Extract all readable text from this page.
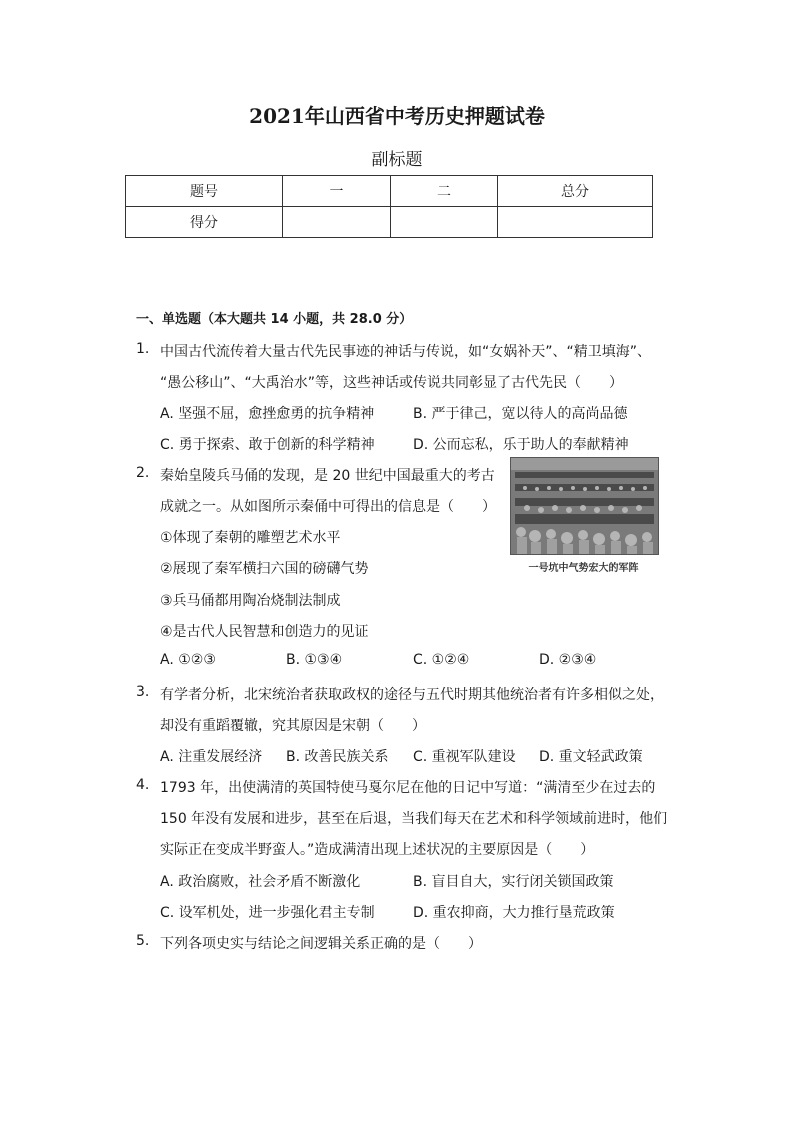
2021年山西省中考历史押题试卷
副标题
题号	一	二	总分
得分			
一、单选题（本大题共 14 小题，共 28.0 分）
1. 中国古代流传着大量古代先民事迹的神话与传说，如“女娲补天”、“精卫填海”、
“愚公移山”、“大禹治水”等，这些神话或传说共同彰显了古代先民（　　）
A. 坚强不屈，愈挫愈勇的抗争精神	B. 严于律己，宽以待人的高尚品德
C. 勇于探索、敢于创新的科学精神	D. 公而忘私，乐于助人的奉献精神
2. 秦始皇陵兵马俑的发现，是 20 世纪中国最重大的考古
成就之一。从如图所示秦俑中可得出的信息是（　　）
①体现了秦朝的雕塑艺术水平
②展现了秦军横扫六国的磅礴气势
③兵马俑都用陶冶烧制法制成
④是古代人民智慧和创造力的见证
一号坑中气势宏大的军阵
A. ①②③	B. ①③④	C. ①②④	D. ②③④
3. 有学者分析，北宋统治者获取政权的途径与五代时期其他统治者有许多相似之处，
却没有重蹈覆辙，究其原因是宋朝（　　）
A. 注重发展经济 B. 改善民族关系 C. 重视军队建设 D. 重文轻武政策
4. 1793 年，出使满清的英国特使马戛尔尼在他的日记中写道：“满清至少在过去的
150 年没有发展和进步，甚至在后退，当我们每天在艺术和科学领域前进时，他们
实际正在变成半野蛮人。”造成满清出现上述状况的主要原因是（　　）
A. 政治腐败，社会矛盾不断激化	B. 盲目自大，实行闭关锁国政策
C. 设军机处，进一步强化君主专制	D. 重农抑商，大力推行垦荒政策
5. 下列各项史实与结论之间逻辑关系正确的是（　　）
